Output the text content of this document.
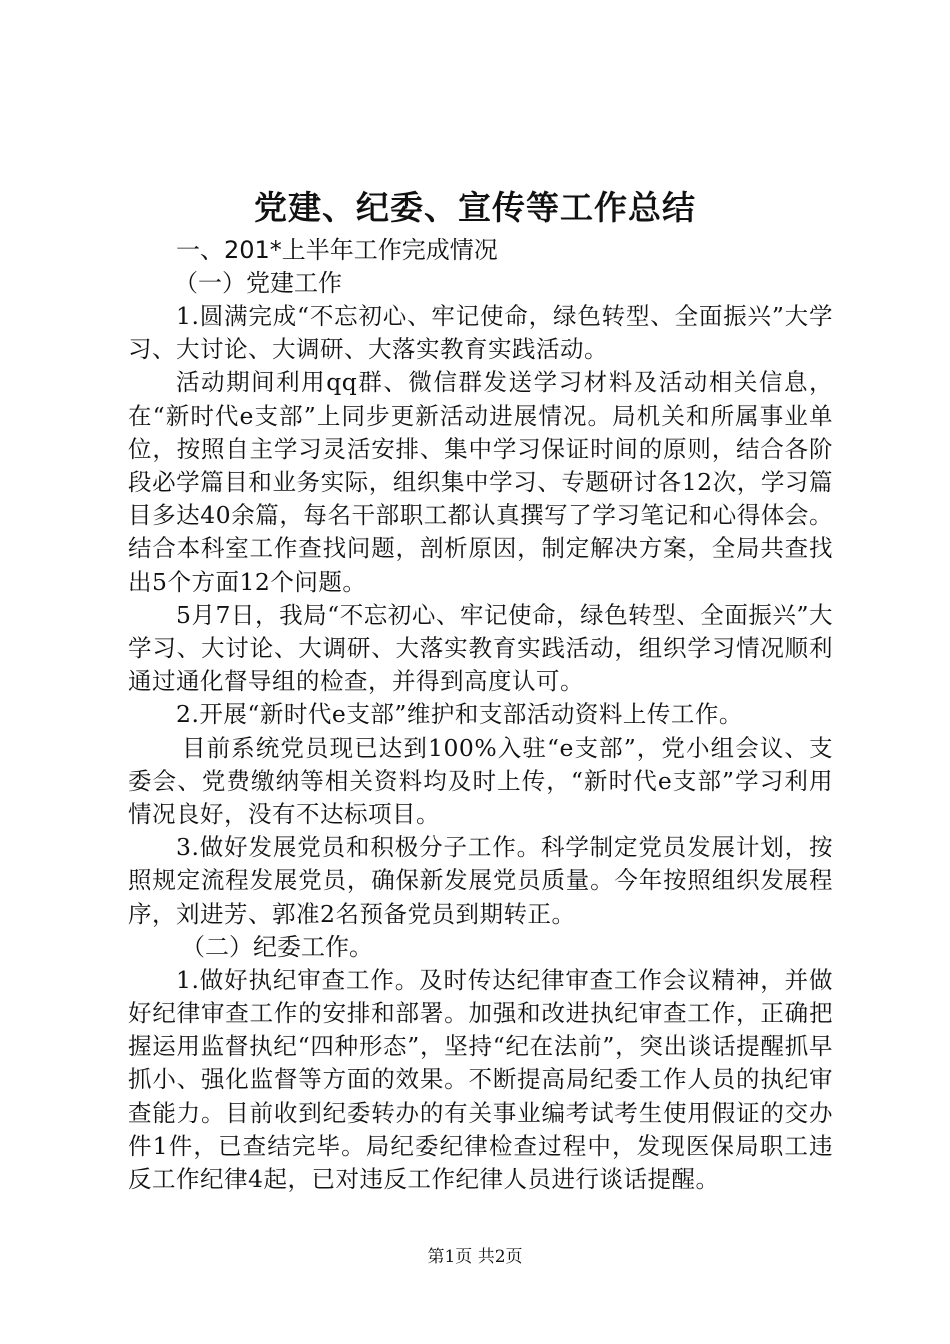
党建、纪委、宣传等工作总结
一、201*上半年工作完成情况
（一）党建工作

1.圆满完成“不忘初心、牢记使命，绿色转型、全面振兴”大学习、大讨论、大调研、大落实教育实践活动。

活动期间利用qq群、微信群发送学习材料及活动相关信息，在“新时代e支部”上同步更新活动进展情况。局机关和所属事业单位，按照自主学习灵活安排、集中学习保证时间的原则，结合各阶段必学篇目和业务实际，组织集中学习、专题研讨各12次，学习篇目多达40余篇，每名干部职工都认真撰写了学习笔记和心得体会。结合本科室工作查找问题，剖析原因，制定解决方案，全局共查找出5个方面12个问题。

5月7日，我局“不忘初心、牢记使命，绿色转型、全面振兴”大学习、大讨论、大调研、大落实教育实践活动，组织学习情况顺利通过通化督导组的检查，并得到高度认可。

2.开展“新时代e支部”维护和支部活动资料上传工作。

目前系统党员现已达到100%入驻“e支部”，党小组会议、支委会、党费缴纳等相关资料均及时上传，“新时代e支部”学习利用情况良好，没有不达标项目。

3.做好发展党员和积极分子工作。科学制定党员发展计划，按照规定流程发展党员，确保新发展党员质量。今年按照组织发展程序，刘进芳、郭准2名预备党员到期转正。

（二）纪委工作。

1.做好执纪审查工作。及时传达纪律审查工作会议精神，并做好纪律审查工作的安排和部署。加强和改进执纪审查工作，正确把握运用监督执纪“四种形态”，坚持“纪在法前”，突出谈话提醒抓早抓小、强化监督等方面的效果。不断提高局纪委工作人员的执纪审查能力。目前收到纪委转办的有关事业编考试考生使用假证的交办件1件，已查结完毕。局纪委纪律检查过程中，发现医保局职工违反工作纪律4起，已对违反工作纪律人员进行谈话提醒。

第1页 共2页
